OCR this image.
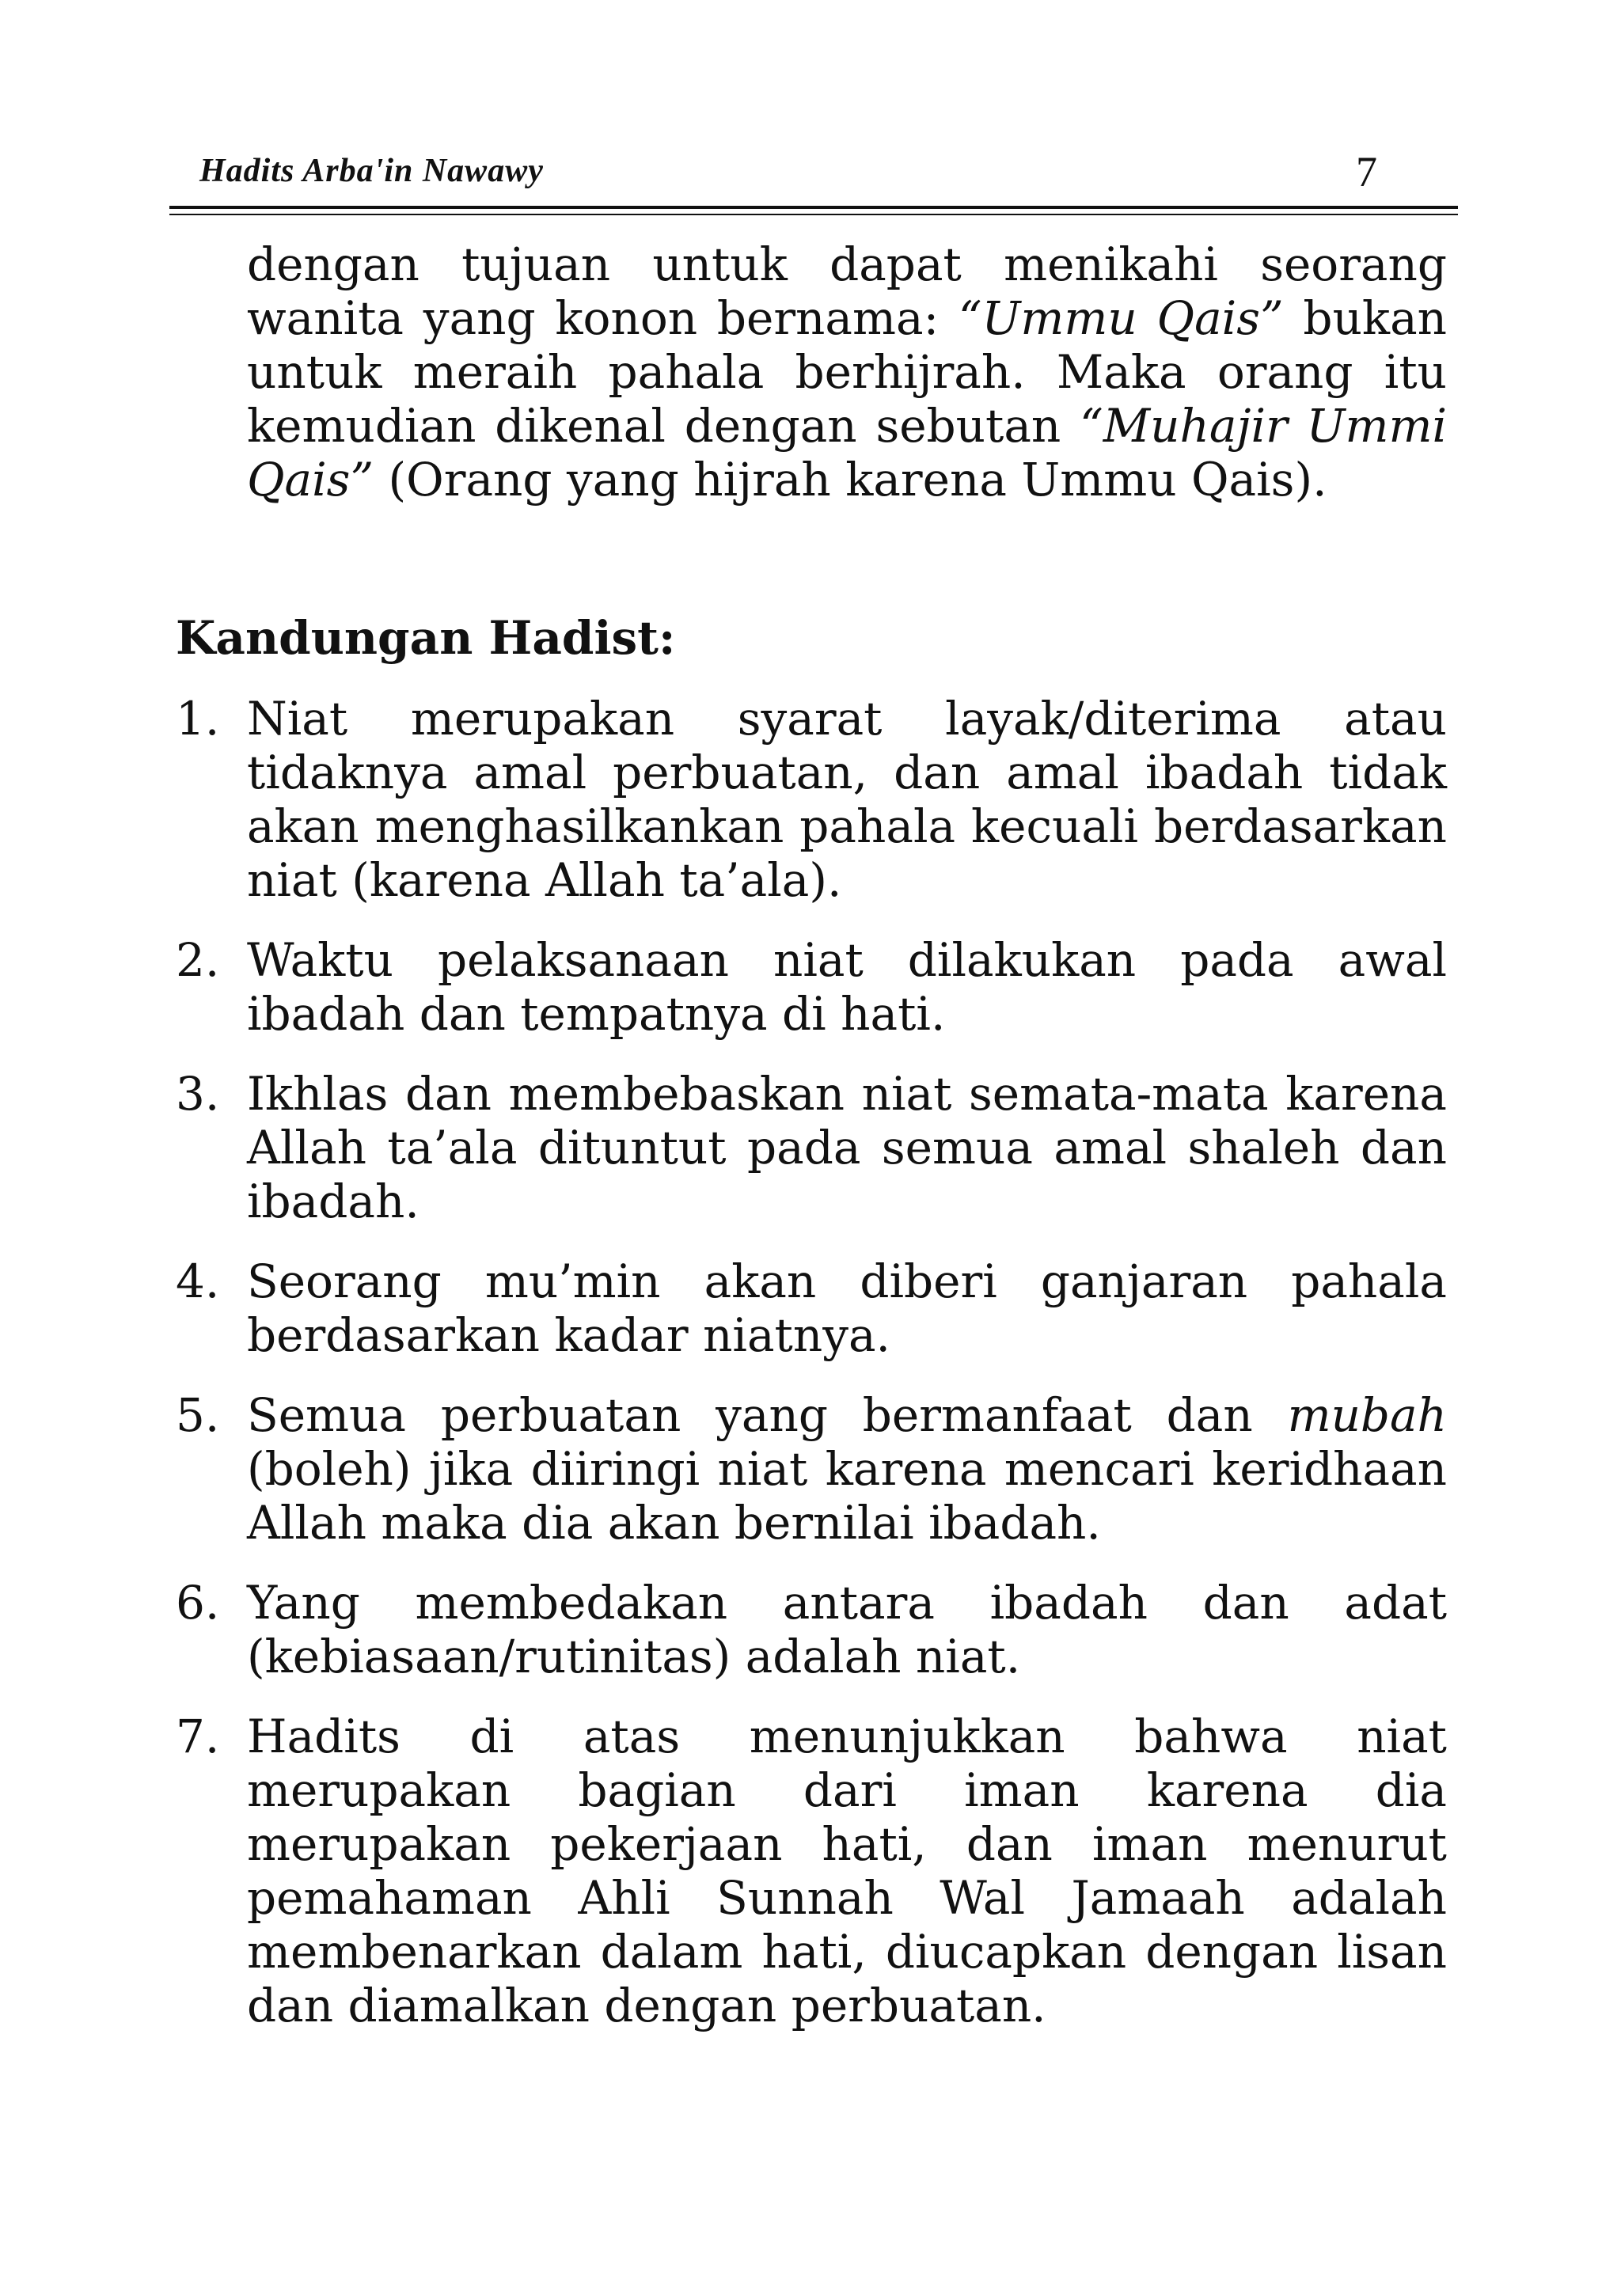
Hadits Arba'in Nawawy	7

dengan tujuan untuk dapat menikahi seorang wanita yang konon bernama: “Ummu Qais” bukan untuk meraih pahala berhijrah. Maka orang itu kemudian dikenal dengan sebutan “Muhajir Ummi Qais” (Orang yang hijrah karena Ummu Qais).

Kandungan Hadist:
1. Niat merupakan syarat layak/diterima atau tidaknya amal perbuatan, dan amal ibadah tidak akan menghasilkankan pahala kecuali berdasarkan niat (karena Allah ta’ala).
2. Waktu pelaksanaan niat dilakukan pada awal ibadah dan tempatnya di hati.
3. Ikhlas dan membebaskan niat semata-mata karena Allah ta’ala dituntut pada semua amal shaleh dan ibadah.
4. Seorang mu’min akan diberi ganjaran pahala berdasarkan kadar niatnya.
5. Semua perbuatan yang bermanfaat dan mubah (boleh) jika diiringi niat karena mencari keridhaan Allah maka dia akan bernilai ibadah.
6. Yang membedakan antara ibadah dan adat (kebiasaan/rutinitas) adalah niat.
7. Hadits di atas menunjukkan bahwa niat merupakan bagian dari iman karena dia merupakan pekerjaan hati, dan iman menurut pemahaman Ahli Sunnah Wal Jamaah adalah membenarkan dalam hati, diucapkan dengan lisan dan diamalkan dengan perbuatan.
